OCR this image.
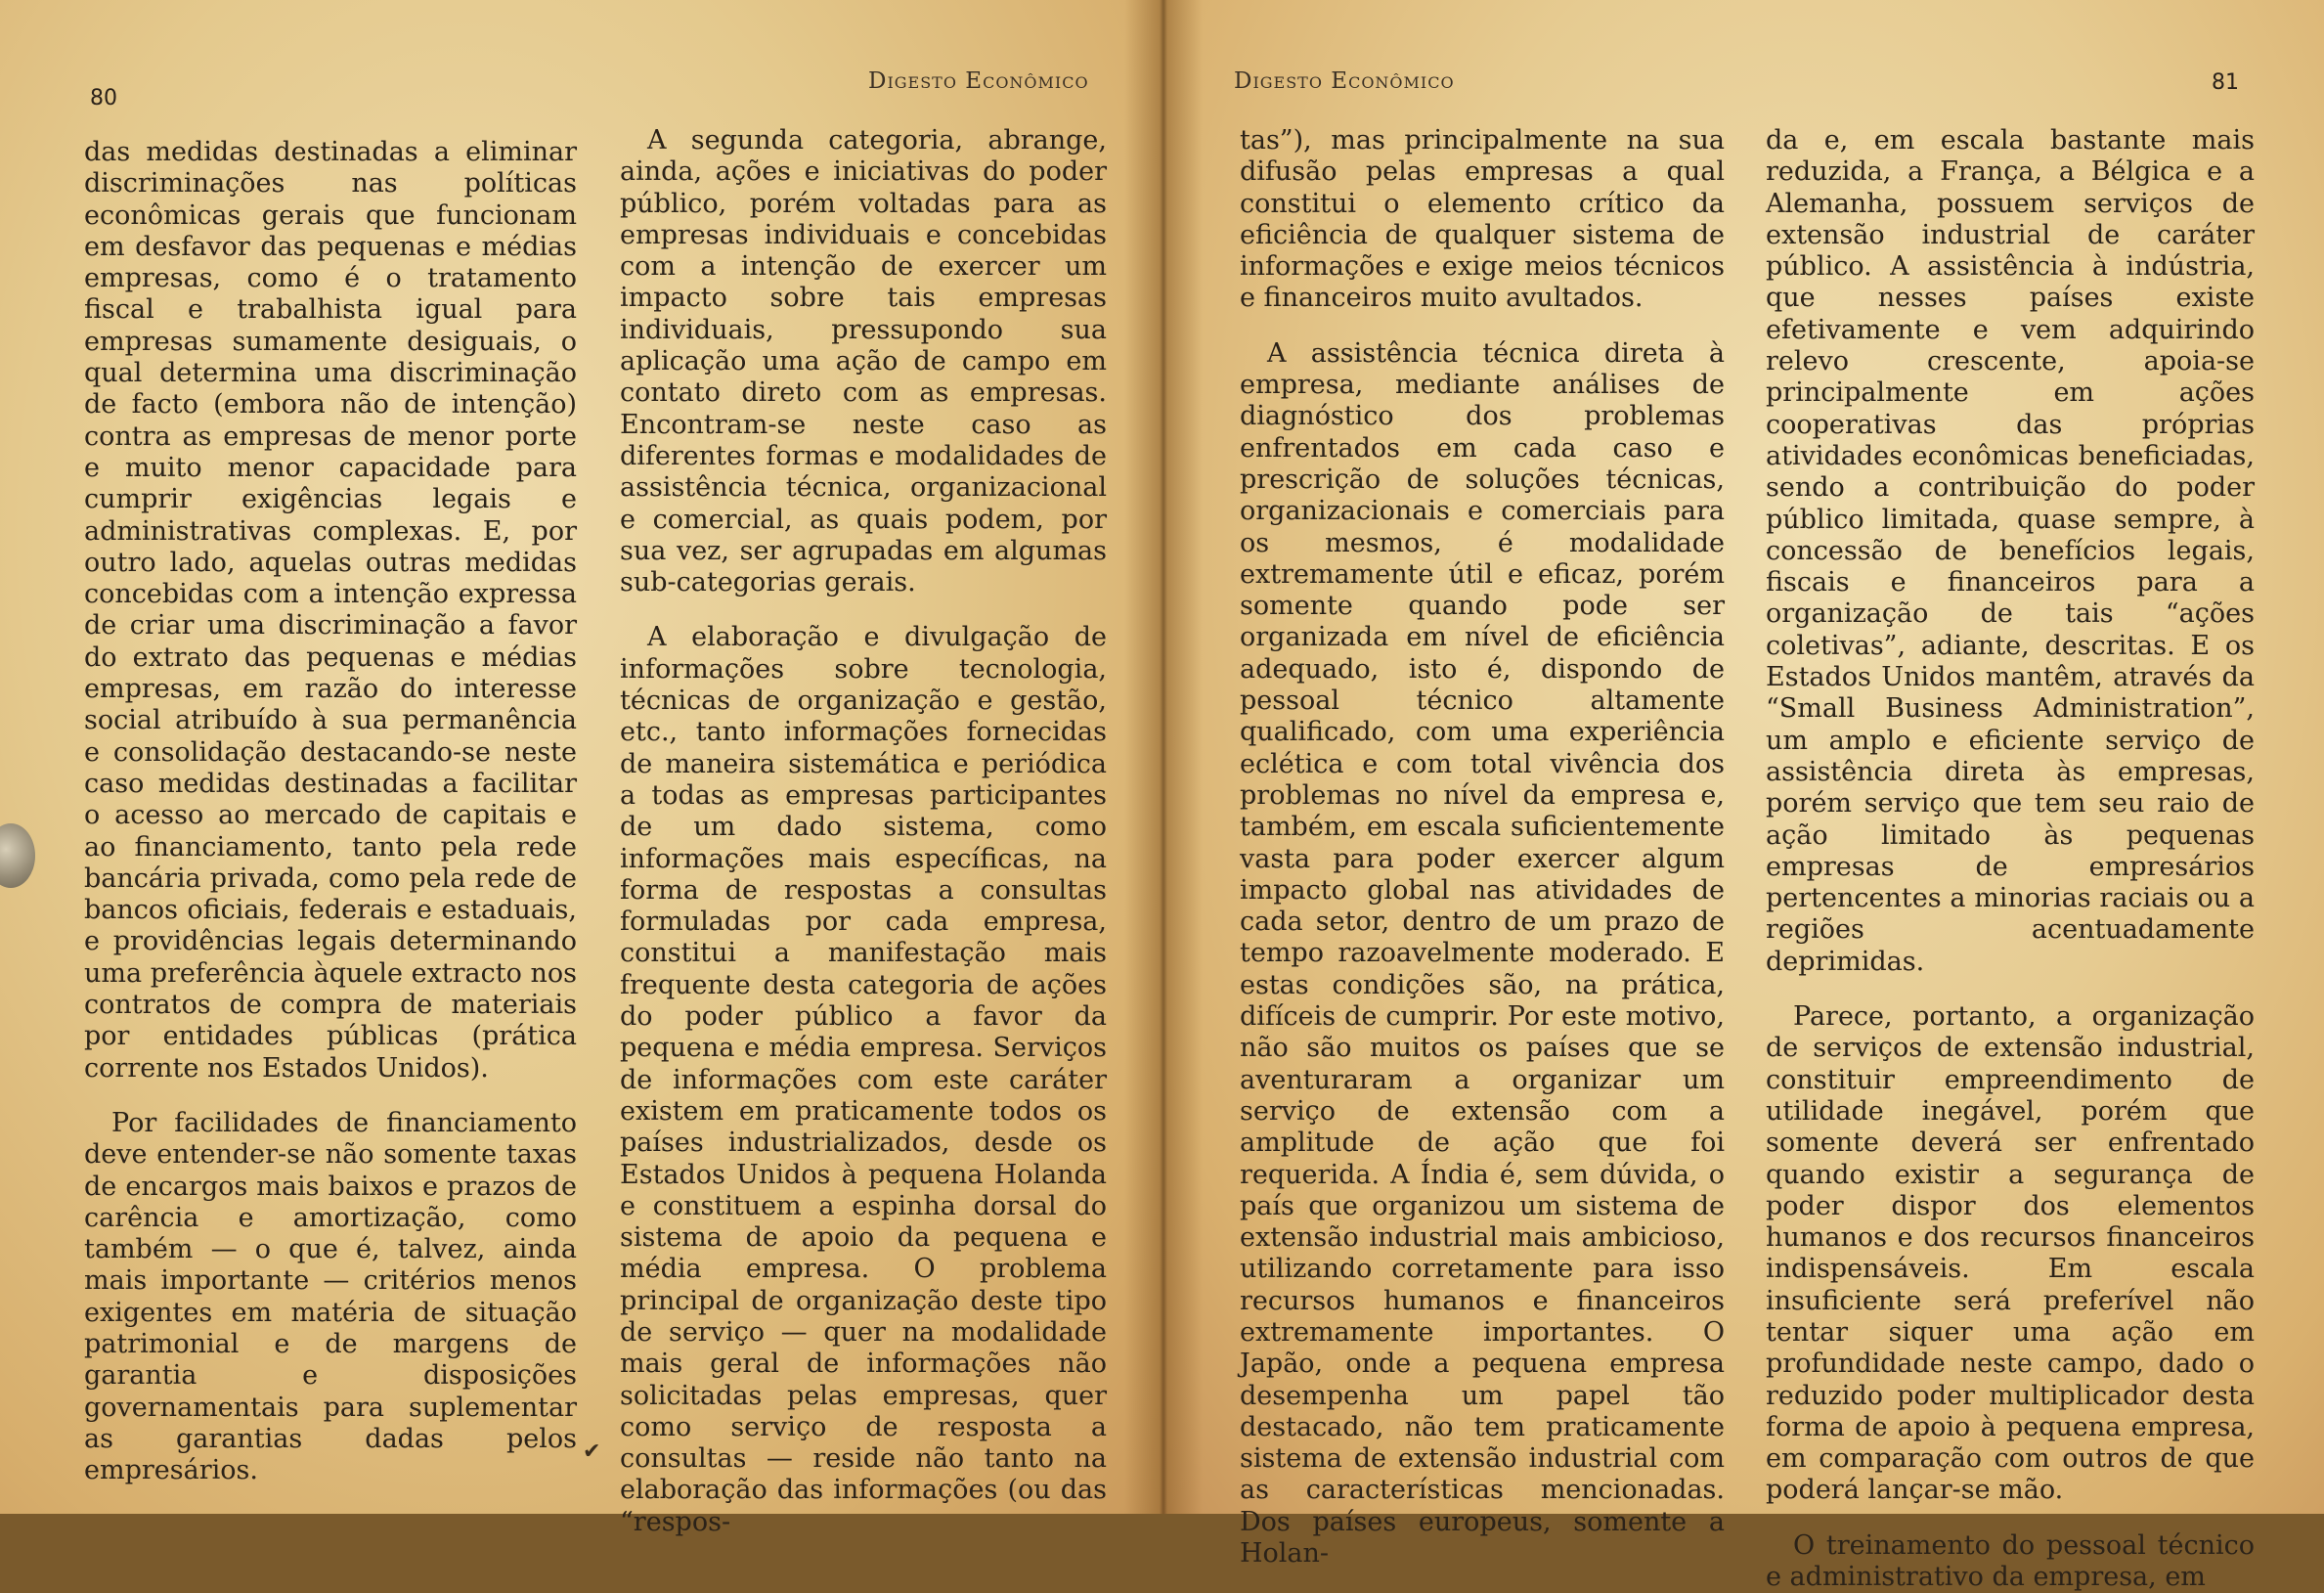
80
Digesto Econômico

das medidas destinadas a eliminar discriminações nas políticas econômicas gerais que funcionam em desfavor das pequenas e médias empresas, como é o tratamento fiscal e trabalhista igual para empresas sumamente desiguais, o qual determina uma discriminação de facto (embora não de intenção) contra as empresas de menor porte e muito menor capacidade para cumprir exigências legais e administrativas complexas. E, por outro lado, aquelas outras medidas concebidas com a intenção expressa de criar uma discriminação a favor do extrato das pequenas e médias empresas, em razão do interesse social atribuído à sua permanência e consolidação destacando-se neste caso medidas destinadas a facilitar o acesso ao mercado de capitais e ao financiamento, tanto pela rede bancária privada, como pela rede de bancos oficiais, federais e estaduais, e providências legais determinando uma preferência àquele extracto nos contratos de compra de materiais por entidades públicas (prática corrente nos Estados Unidos).

Por facilidades de financiamento deve entender-se não somente taxas de encargos mais baixos e prazos de carência e amortização, como também — o que é, talvez, ainda mais importante — critérios menos exigentes em matéria de situação patrimonial e de margens de garantia e disposições governamentais para suplementar as garantias dadas pelos empresários.

A segunda categoria, abrange, ainda, ações e iniciativas do poder público, porém voltadas para as empresas individuais e concebidas com a intenção de exercer um impacto sobre tais empresas individuais, pressupondo sua aplicação uma ação de campo em contato direto com as empresas. Encontram-se neste caso as diferentes formas e modalidades de assistência técnica, organizacional e comercial, as quais podem, por sua vez, ser agrupadas em algumas sub-categorias gerais.

A elaboração e divulgação de informações sobre tecnologia, técnicas de organização e gestão, etc., tanto informações fornecidas de maneira sistemática e periódica a todas as empresas participantes de um dado sistema, como informações mais específicas, na forma de respostas a consultas formuladas por cada empresa, constitui a manifestação mais frequente desta categoria de ações do poder público a favor da pequena e média empresa. Serviços de informações com este caráter existem em praticamente todos os países industrializados, desde os Estados Unidos à pequena Holanda e constituem a espinha dorsal do sistema de apoio da pequena e média empresa. O problema principal de organização deste tipo de serviço — quer na modalidade mais geral de informações não solicitadas pelas empresas, quer como serviço de resposta a consultas — reside não tanto na elaboração das informações (ou das “respos-

✔
Digesto Econômico	81

tas”), mas principalmente na sua difusão pelas empresas a qual constitui o elemento crítico da eficiência de qualquer sistema de informações e exige meios técnicos e financeiros muito avultados.

A assistência técnica direta à empresa, mediante análises de diagnóstico dos problemas enfrentados em cada caso e prescrição de soluções técnicas, organizacionais e comerciais para os mesmos, é modalidade extremamente útil e eficaz, porém somente quando pode ser organizada em nível de eficiência adequado, isto é, dispondo de pessoal técnico altamente qualificado, com uma experiência eclética e com total vivência dos problemas no nível da empresa e, também, em escala suficientemente vasta para poder exercer algum impacto global nas atividades de cada setor, dentro de um prazo de tempo razoavelmente moderado. E estas condições são, na prática, difíceis de cumprir. Por este motivo, não são muitos os países que se aventuraram a organizar um serviço de extensão com a amplitude de ação que foi requerida. A Índia é, sem dúvida, o país que organizou um sistema de extensão industrial mais ambicioso, utilizando corretamente para isso recursos humanos e financeiros extremamente importantes. O Japão, onde a pequena empresa desempenha um papel tão destacado, não tem praticamente sistema de extensão industrial com as características mencionadas. Dos países europeus, somente a Holan-

da e, em escala bastante mais reduzida, a França, a Bélgica e a Alemanha, possuem serviços de extensão industrial de caráter público. A assistência à indústria, que nesses países existe efetivamente e vem adquirindo relevo crescente, apoia-se principalmente em ações cooperativas das próprias atividades econômicas beneficiadas, sendo a contribuição do poder público limitada, quase sempre, à concessão de benefícios legais, fiscais e financeiros para a organização de tais “ações coletivas”, adiante, descritas. E os Estados Unidos mantêm, através da “Small Business Administration”, um amplo e eficiente serviço de assistência direta às empresas, porém serviço que tem seu raio de ação limitado às pequenas empresas de empresários pertencentes a minorias raciais ou a regiões acentuadamente deprimidas.

Parece, portanto, a organização de serviços de extensão industrial, constituir empreendimento de utilidade inegável, porém que somente deverá ser enfrentado quando existir a segurança de poder dispor dos elementos humanos e dos recursos financeiros indispensáveis. Em escala insuficiente será preferível não tentar siquer uma ação em profundidade neste campo, dado o reduzido poder multiplicador desta forma de apoio à pequena empresa, em comparação com outros de que poderá lançar-se mão.

O treinamento do pessoal técnico e administrativo da empresa, em
